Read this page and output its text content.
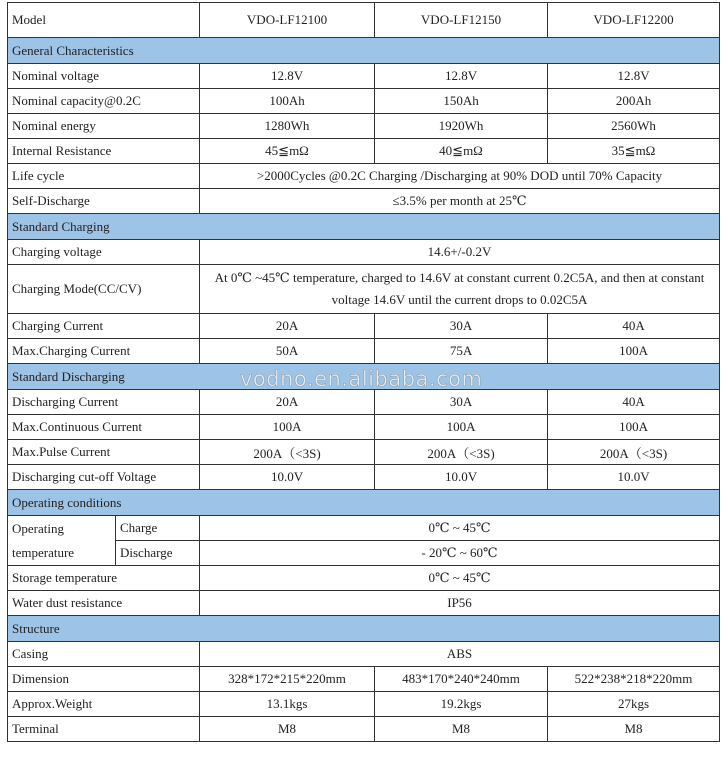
Model		VDO-LF12100	VDO-LF12150	VDO-LF12200
General Characteristics				
Nominal voltage		12.8V	12.8V	12.8V
Nominal capacity@0.2C		100Ah	150Ah	200Ah
Nominal energy		1280Wh	1920Wh	2560Wh
Internal Resistance		45≦mΩ	40≦mΩ	35≦mΩ
Life cycle		>2000Cycles @0.2C Charging /Discharging at 90% DOD until 70% Capacity		
Self-Discharge		≤3.5% per month at 25℃		
Standard Charging				
Charging voltage		14.6+/-0.2V		
Charging Mode(CC/CV)		At 0℃ ~45℃ temperature, charged to 14.6V at constant current 0.2C5A, and then at constant voltage 14.6V until the current drops to 0.02C5A		
Charging Current		20A	30A	40A
Max.Charging Current		50A	75A	100A
Standard Discharging				
Discharging Current		20A	30A	40A
Max.Continuous Current		100A	100A	100A
Max.Pulse Current		200A（<3S)	200A（<3S)	200A（<3S)
Discharging cut-off Voltage		10.0V	10.0V	10.0V
Operating conditions				
Operating
temperature	Charge	0℃ ~ 45℃		
	Discharge	- 20℃ ~ 60℃		
Storage temperature		0℃ ~ 45℃		
Water dust resistance		IP56		
Structure				
Casing		ABS		
Dimension		328*172*215*220mm	483*170*240*240mm	522*238*218*220mm
Approx.Weight		13.1kgs	19.2kgs	27kgs
Terminal		M8	M8	M8
vodno.en.alibaba.com
